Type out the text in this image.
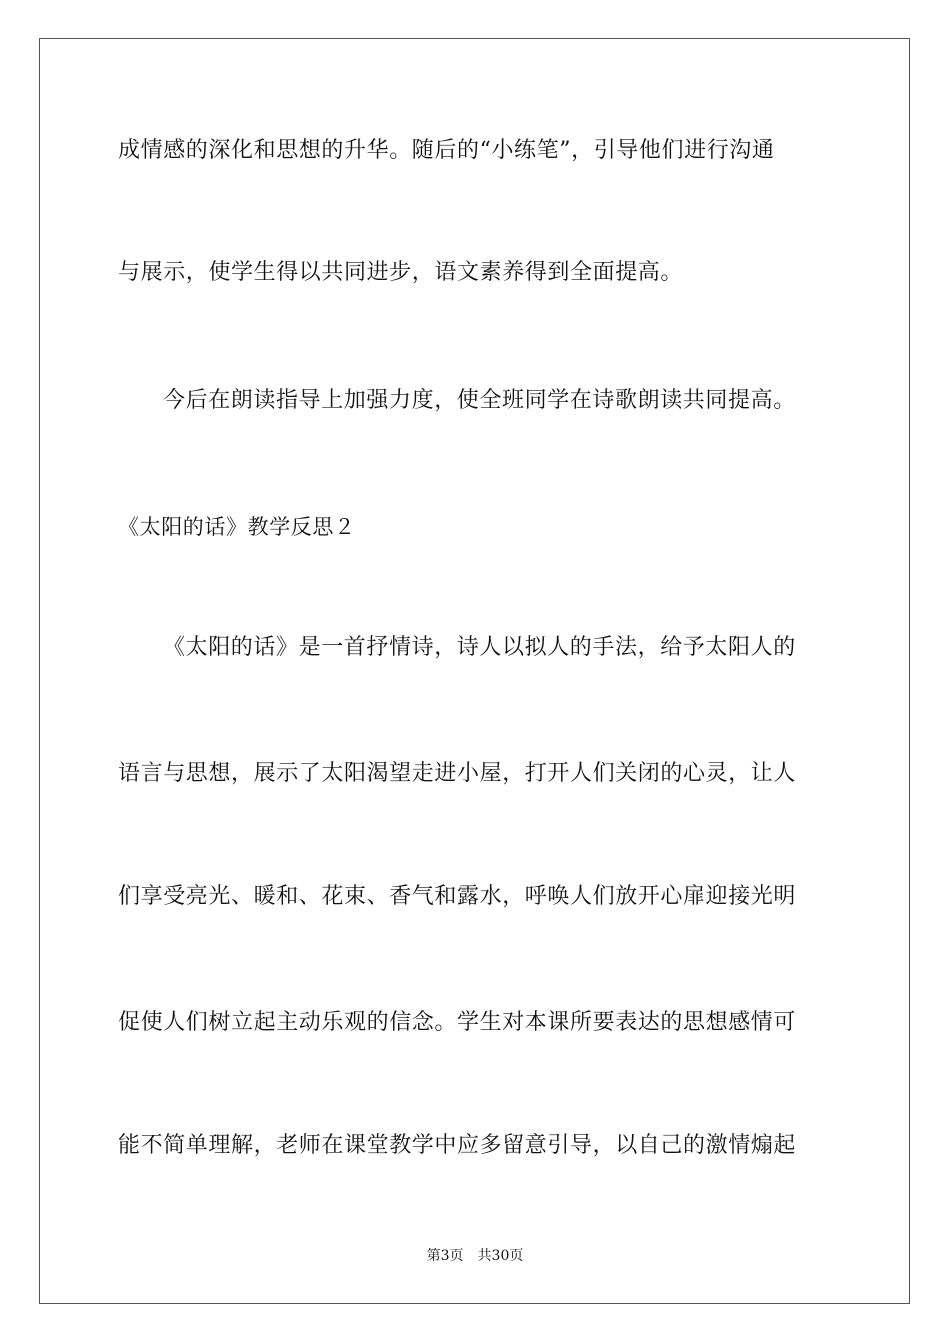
成情感的深化和思想的升华。随后的“小练笔”，引导他们进行沟通
与展示，使学生得以共同进步，语文素养得到全面提高。
今后在朗读指导上加强力度，使全班同学在诗歌朗读共同提高。
《太阳的话》教学反思２
《太阳的话》是一首抒情诗，诗人以拟人的手法，给予太阳人的
语言与思想，展示了太阳渴望走进小屋，打开人们关闭的心灵，让人
们享受亮光、暖和、花束、香气和露水，呼唤人们放开心扉迎接光明
促使人们树立起主动乐观的信念。学生对本课所要表达的思想感情可
能不简单理解，老师在课堂教学中应多留意引导，以自己的激情煽起
第3页 共30页
